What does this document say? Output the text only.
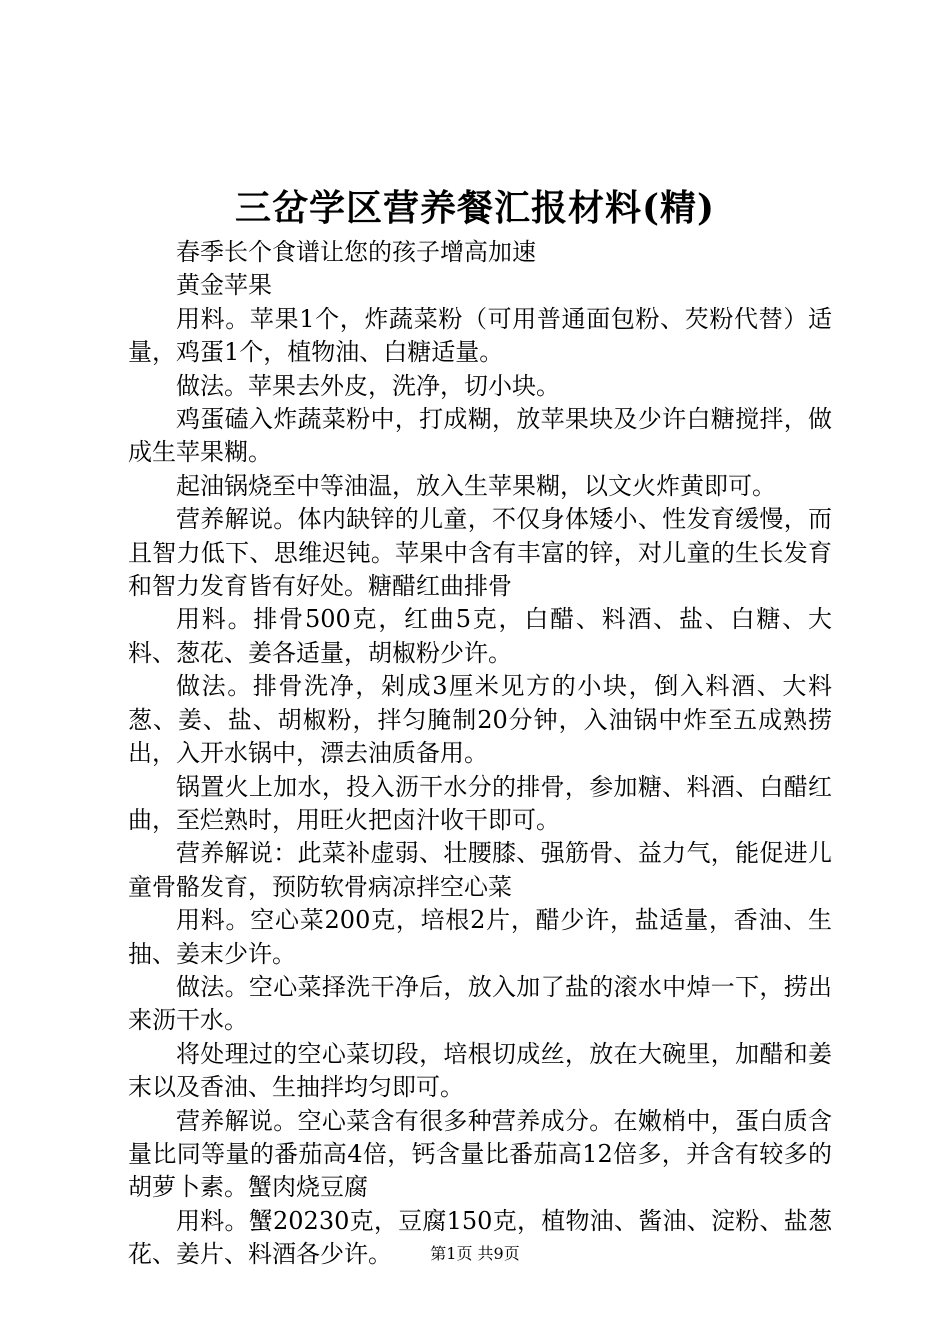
三岔学区营养餐汇报材料(精)

春季长个食谱让您的孩子增高加速

黄金苹果

用料。苹果1个，炸蔬菜粉（可用普通面包粉、芡粉代替）适量，鸡蛋1个，植物油、白糖适量。

做法。苹果去外皮，洗净，切小块。

鸡蛋磕入炸蔬菜粉中，打成糊，放苹果块及少许白糖搅拌，做成生苹果糊。

起油锅烧至中等油温，放入生苹果糊，以文火炸黄即可。

营养解说。体内缺锌的儿童，不仅身体矮小、性发育缓慢，而且智力低下、思维迟钝。苹果中含有丰富的锌，对儿童的生长发育和智力发育皆有好处。糖醋红曲排骨

用料。排骨500克，红曲5克，白醋、料酒、盐、白糖、大料、葱花、姜各适量，胡椒粉少许。

做法。排骨洗净，剁成3厘米见方的小块，倒入料酒、大料葱、姜、盐、胡椒粉，拌匀腌制20分钟，入油锅中炸至五成熟捞出，入开水锅中，漂去油质备用。

锅置火上加水，投入沥干水分的排骨，参加糖、料酒、白醋红曲，至烂熟时，用旺火把卤汁收干即可。

营养解说：此菜补虚弱、壮腰膝、强筋骨、益力气，能促进儿童骨骼发育，预防软骨病凉拌空心菜

用料。空心菜200克，培根2片，醋少许，盐适量，香油、生抽、姜末少许。

做法。空心菜择洗干净后，放入加了盐的滚水中焯一下，捞出来沥干水。

将处理过的空心菜切段，培根切成丝，放在大碗里，加醋和姜末以及香油、生抽拌均匀即可。

营养解说。空心菜含有很多种营养成分。在嫩梢中，蛋白质含量比同等量的番茄高4倍，钙含量比番茄高12倍多，并含有较多的胡萝卜素。蟹肉烧豆腐

用料。蟹20230克，豆腐150克，植物油、酱油、淀粉、盐葱花、姜片、料酒各少许。	第1页 共9页
